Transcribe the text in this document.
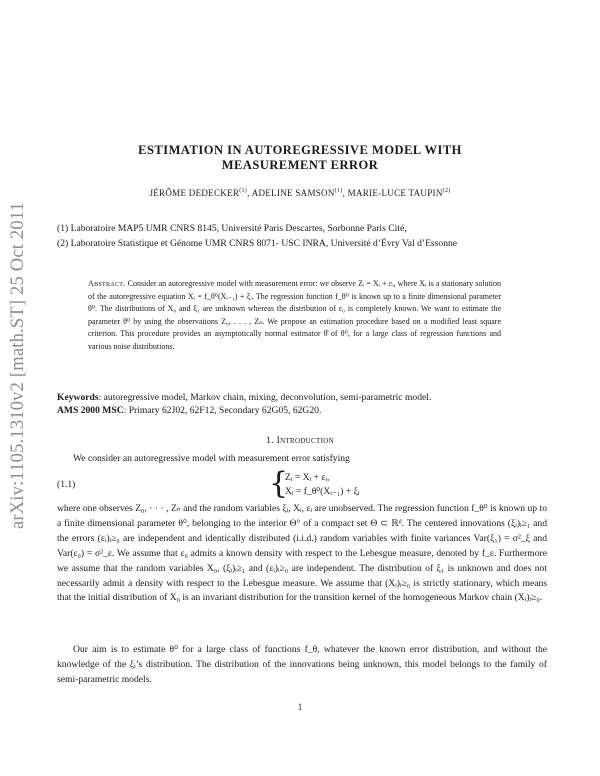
arXiv:1105.1310v2 [math.ST] 25 Oct 2011
ESTIMATION IN AUTOREGRESSIVE MODEL WITH
MEASUREMENT ERROR
JÉRÔME DEDECKER$^{(1)}$, ADELINE SAMSON$^{(1)}$, MARIE-LUCE TAUPIN$^{(2)}$
(1) Laboratoire MAP5 UMR CNRS 8145, Université Paris Descartes, Sorbonne Paris Cité,
(2) Laboratoire Statistique et Génome UMR CNRS 8071- USC INRA, Université d’Évry Val d’Essonne
Abstract. Consider an autoregressive model with measurement error: we observe Zᵢ = Xᵢ + εᵢ, where Xᵢ is a stationary solution of the autoregressive equation Xᵢ = f_θ⁰(Xᵢ₋₁) + ξᵢ. The regression function f_θ⁰ is known up to a finite dimensional parameter θ⁰. The distributions of X₀ and ξ₁ are unknown whereas the distribution of ε₀ is completely known. We want to estimate the parameter θ⁰ by using the observations Z₀, . . . , Zₙ. We propose an estimation procedure based on a modified least square criterion. This procedure provides an asymptotically normal estimator θ̂ of θ⁰, for a large class of regression functions and various noise distributions.
Keywords: autoregressive model, Markov chain, mixing, deconvolution, semi-parametric model.
AMS 2000 MSC: Primary 62J02, 62F12, Secondary 62G05, 62G20.
1. Introduction
We consider an autoregressive model with measurement error satisfying
(1.1)	{
Zᵢ = Xᵢ + εᵢ,
Xᵢ = f_θ⁰(Xᵢ₋₁) + ξᵢ
where one observes Z₀, · · · , Zₙ and the random variables ξᵢ, Xᵢ, εᵢ are unobserved. The regression function f_θ⁰ is known up to a finite dimensional parameter θ⁰, belonging to the interior Θ° of a compact set Θ ⊂ ℝᵈ. The centered innovations (ξᵢ)ᵢ≥₁ and the errors (εᵢ)ᵢ≥₀ are independent and identically distributed (i.i.d.) random variables with finite variances Var(ξ₁) = σ²_ξ and Var(ε₀) = σ²_ε. We assume that ε₀ admits a known density with respect to the Lebesgue measure, denoted by f_ε. Furthermore we assume that the random variables X₀, (ξᵢ)ᵢ≥₁ and (εᵢ)ᵢ≥₀ are independent. The distribution of ξ₁ is unknown and does not necessarily admit a density with respect to the Lebesgue measure. We assume that (Xᵢ)ᵢ≥₀ is strictly stationary, which means that the initial distribution of X₀ is an invariant distribution for the transition kernel of the homogeneous Markov chain (Xᵢ)ᵢ≥₀.
Our aim is to estimate θ⁰ for a large class of functions f_θ, whatever the known error distribution, and without the knowledge of the ξᵢ’s distribution. The distribution of the innovations being unknown, this model belongs to the family of semi-parametric models.
1
